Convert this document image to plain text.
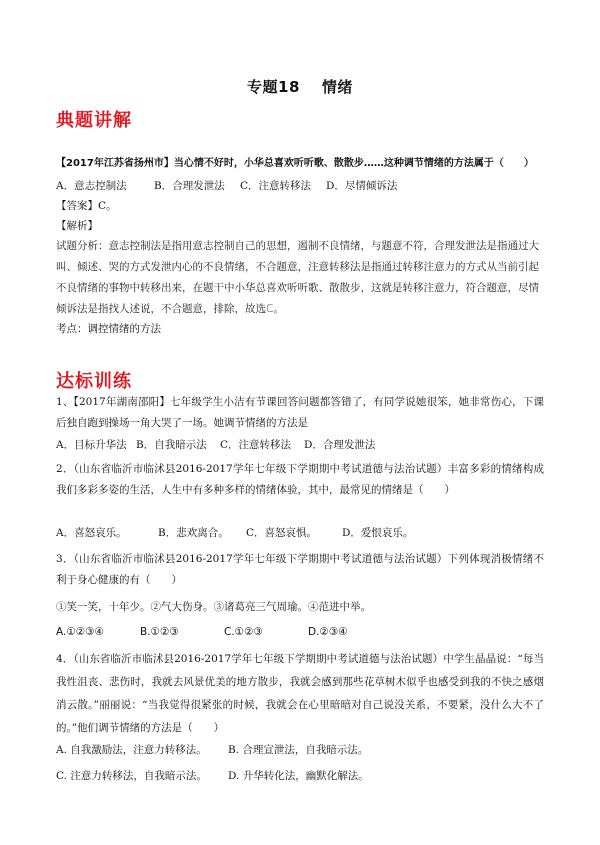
专题18 情绪
典题讲解
【2017年江苏省扬州市】当心情不好时，小华总喜欢听听歌、散散步……这种调节情绪的方法属于（　　）
A．意志控制法	B．合理发泄法 C．注意转移法 D．尽情倾诉法
【答案】C。
【解析】
试题分析：意志控制法是指用意志控制自己的思想，遏制不良情绪，与题意不符，合理发泄法是指通过大叫、倾述、哭的方式发泄内心的不良情绪，不合题意，注意转移法是指通过转移注意力的方式从当前引起不良情绪的事物中转移出来，在题干中小华总喜欢听听歌、散散步，这就是转移注意力，符合题意，尽情倾诉法是指找人述说，不合题意，排除，故选C。
考点：调控情绪的方法
达标训练
1、【2017年湖南邵阳】七年级学生小洁有节课回答问题都答错了，有同学说她很笨，她非常伤心，下课后独自跑到操场一角大哭了一场。她调节情绪的方法是
A．目标升华法 B．自我暗示法 C．注意转移法 D．合理发泄法
2．（山东省临沂市临沭县2016-2017学年七年级下学期期中考试道德与法治试题）丰富多彩的情绪构成我们多彩多姿的生活，人生中有多种多样的情绪体验，其中，最常见的情绪是（　　）
A．喜怒哀乐。	B．悲欢离合。 C．喜怒哀惧。 D．爱恨哀乐。
3．（山东省临沂市临沭县2016-2017学年七年级下学期期中考试道德与法治试题）下列体现消极情绪不利于身心健康的有（　　）
①笑一笑，十年少。②气大伤身。③诸葛亮三气周瑜。④范进中举。
A.①②③④	B.①②③	C.①②③	D.②③④
4．（山东省临沂市临沭县2016-2017学年七年级下学期期中考试道德与法治试题）中学生晶晶说：“每当我性沮丧、悲伤时，我就去风景优美的地方散步，我就会感到那些花草树木似乎也感受到我的不快之感烟消云散。”丽丽说：“当我觉得很紧张的时候，我就会在心里暗暗对自己说没关系，不要紧，没什么大不了的。”他们调节情绪的方法是（　　）
A. 自我激励法，注意力转移法。 B. 合理宣泄法，自我暗示法。
C. 注意力转移法，自我暗示法。 D. 升华转化法，幽默化解法。
